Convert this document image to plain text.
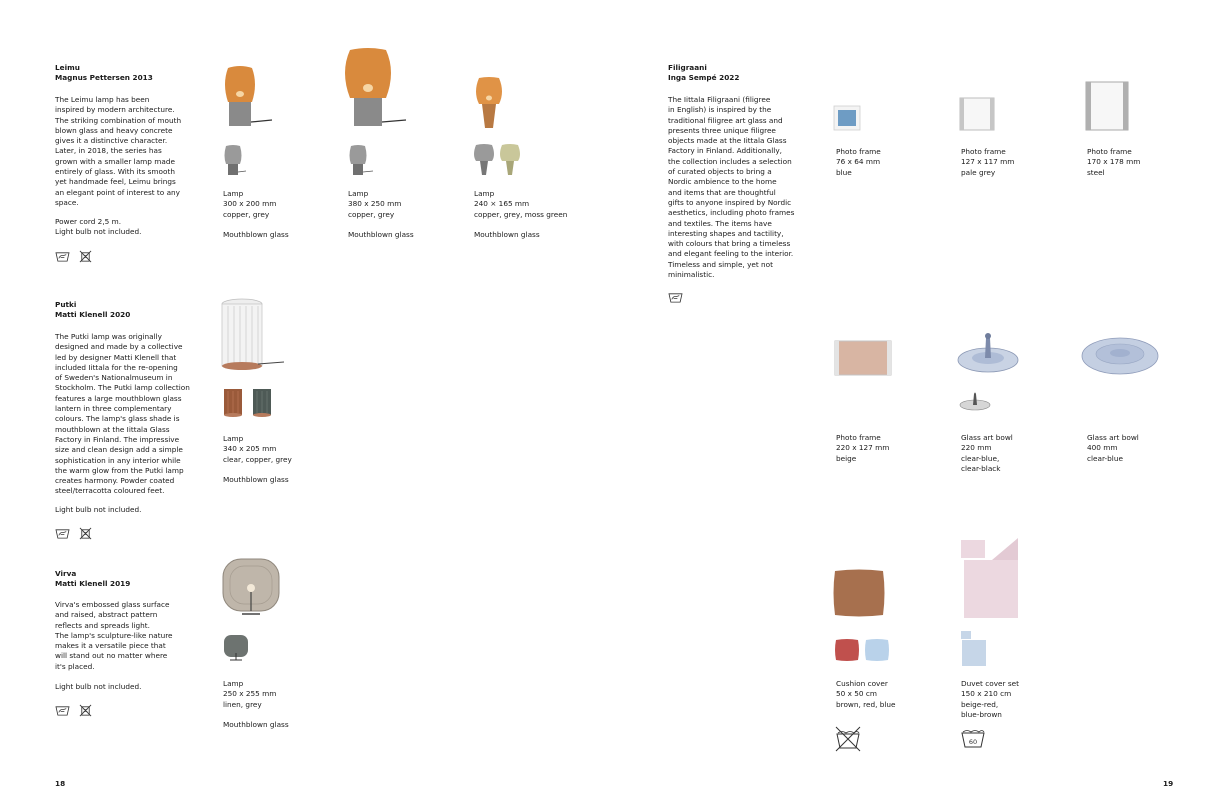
Leimu
Magnus Pettersen 2013
The Leimu lamp has been
inspired by modern architecture.
The striking combination of mouth
blown glass and heavy concrete
gives it a distinctive character.
Later, in 2018, the series has
grown with a smaller lamp made
entirely of glass. With its smooth
yet handmade feel, Leimu brings
an elegant point of interest to any
space.
Power cord 2,5 m.
Light bulb not included.
Lamp
300 x 200 mm
copper, grey
Mouthblown glass
Lamp
380 x 250 mm
copper, grey
Mouthblown glass
Lamp
240 × 165 mm
copper, grey, moss green
Mouthblown glass
Putki
Matti Klenell 2020
The Putki lamp was originally
designed and made by a collective
led by designer Matti Klenell that
included Iittala for the re-opening
of Sweden's Nationalmuseum in
Stockholm. The Putki lamp collection
features a large mouthblown glass
lantern in three complementary
colours. The lamp's glass shade is
mouthblown at the Iittala Glass
Factory in Finland. The impressive
size and clean design add a simple
sophistication in any interior while
the warm glow from the Putki lamp
creates harmony. Powder coated
steel/terracotta coloured feet.
Light bulb not included.
Lamp
340 x 205 mm
clear, copper, grey
Mouthblown glass
Virva
Matti Klenell 2019
Virva's embossed glass surface
and raised, abstract pattern
reflects and spreads light.
The lamp's sculpture-like nature
makes it a versatile piece that
will stand out no matter where
it's placed.
Light bulb not included.	Lamp
250 x 255 mm
linen, grey
Mouthblown glass
18
Filigraani
Inga Sempé 2022
The Iittala Filigraani (filigree
in English) is inspired by the
traditional filigree art glass and
presents three unique filigree
objects made at the Iittala Glass
Factory in Finland. Additionally,
the collection includes a selection
of curated objects to bring a
Nordic ambience to the home
and items that are thoughtful
gifts to anyone inspired by Nordic
aesthetics, including photo frames
and textiles. The items have
interesting shapes and tactility,
with colours that bring a timeless
and elegant feeling to the interior.
Timeless and simple, yet not
minimalistic.
Photo frame
76 x 64 mm
blue
Photo frame
127 x 117 mm
pale grey
Photo frame
170 x 178 mm
steel
Photo frame
220 x 127 mm
beige
Glass art bowl
220 mm
clear-blue,
clear-black
Glass art bowl
400 mm
clear-blue
Cushion cover
50 x 50 cm
brown, red, blue
Duvet cover set
150 x 210 cm
beige-red,
blue-brown
60
19
